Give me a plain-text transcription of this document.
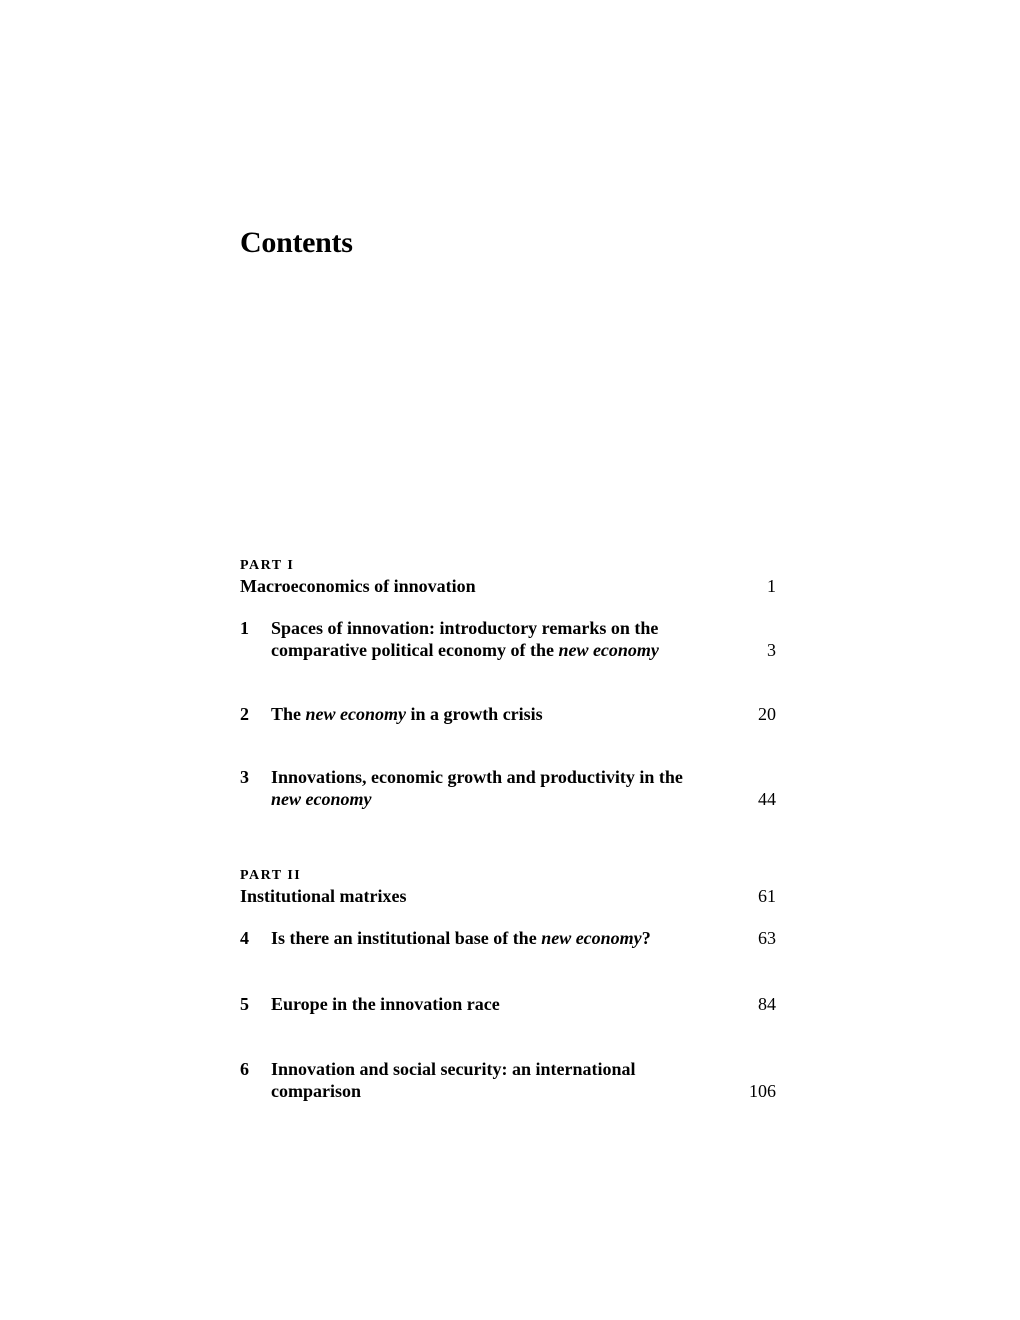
Contents
PART I
Macroeconomics of innovation	1
1 Spaces of innovation: introductory remarks on the
comparative political economy of the new economy	3
2 The new economy in a growth crisis	20
3 Innovations, economic growth and productivity in the
new economy	44
PART II
Institutional matrixes	61
4 Is there an institutional base of the new economy?	63
5 Europe in the innovation race	84
6 Innovation and social security: an international
comparison	106
